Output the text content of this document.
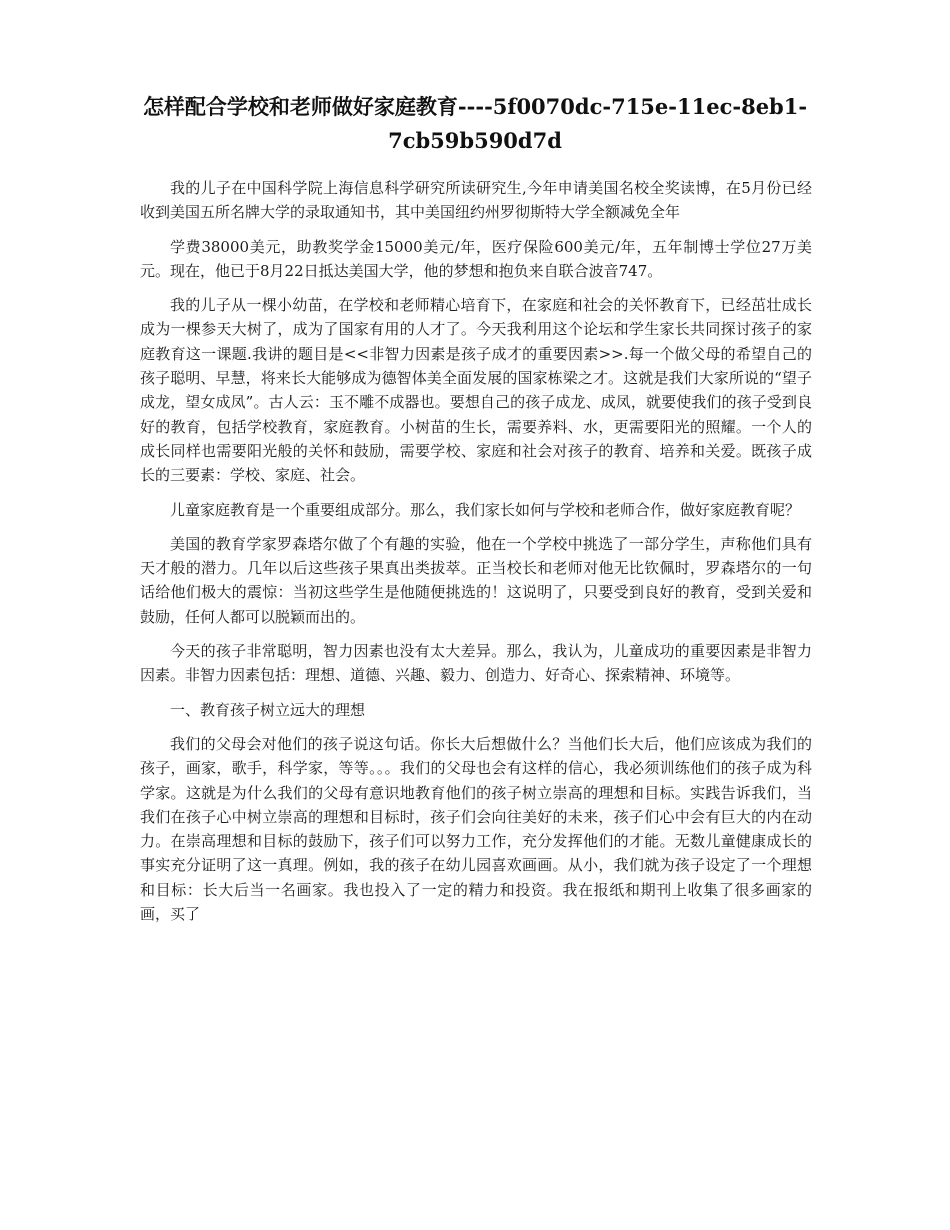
怎样配合学校和老师做好家庭教育----5f0070dc-715e-11ec-8eb1-7cb59b590d7d

我的儿子在中国科学院上海信息科学研究所读研究生,今年申请美国名校全奖读博，在5月份已经收到美国五所名牌大学的录取通知书，其中美国纽约州罗彻斯特大学全额减免全年

学费38000美元，助教奖学金15000美元/年，医疗保险600美元/年，五年制博士学位27万美元。现在，他已于8月22日抵达美国大学，他的梦想和抱负来自联合波音747。

我的儿子从一棵小幼苗，在学校和老师精心培育下，在家庭和社会的关怀教育下，已经茁壮成长成为一棵参天大树了，成为了国家有用的人才了。今天我利用这个论坛和学生家长共同探讨孩子的家庭教育这一课题.我讲的题目是<<非智力因素是孩子成才的重要因素>>.每一个做父母的希望自己的孩子聪明、早慧，将来长大能够成为德智体美全面发展的国家栋梁之才。这就是我们大家所说的“望子成龙，望女成凤”。古人云：玉不雕不成器也。要想自己的孩子成龙、成凤，就要使我们的孩子受到良好的教育，包括学校教育，家庭教育。小树苗的生长，需要养料、水，更需要阳光的照耀。一个人的成长同样也需要阳光般的关怀和鼓励，需要学校、家庭和社会对孩子的教育、培养和关爱。既孩子成长的三要素：学校、家庭、社会。

儿童家庭教育是一个重要组成部分。那么，我们家长如何与学校和老师合作，做好家庭教育呢？

美国的教育学家罗森塔尔做了个有趣的实验，他在一个学校中挑选了一部分学生，声称他们具有天才般的潜力。几年以后这些孩子果真出类拔萃。正当校长和老师对他无比钦佩时，罗森塔尔的一句话给他们极大的震惊：当初这些学生是他随便挑选的！这说明了，只要受到良好的教育，受到关爱和鼓励，任何人都可以脱颖而出的。

今天的孩子非常聪明，智力因素也没有太大差异。那么，我认为，儿童成功的重要因素是非智力因素。非智力因素包括：理想、道德、兴趣、毅力、创造力、好奇心、探索精神、环境等。

一、教育孩子树立远大的理想

我们的父母会对他们的孩子说这句话。你长大后想做什么？当他们长大后，他们应该成为我们的孩子，画家，歌手，科学家，等等。。。我们的父母也会有这样的信心，我必须训练他们的孩子成为科学家。这就是为什么我们的父母有意识地教育他们的孩子树立崇高的理想和目标。实践告诉我们，当我们在孩子心中树立崇高的理想和目标时，孩子们会向往美好的未来，孩子们心中会有巨大的内在动力。在崇高理想和目标的鼓励下，孩子们可以努力工作，充分发挥他们的才能。无数儿童健康成长的事实充分证明了这一真理。例如，我的孩子在幼儿园喜欢画画。从小，我们就为孩子设定了一个理想和目标：长大后当一名画家。我也投入了一定的精力和投资。我在报纸和期刊上收集了很多画家的画，买了
